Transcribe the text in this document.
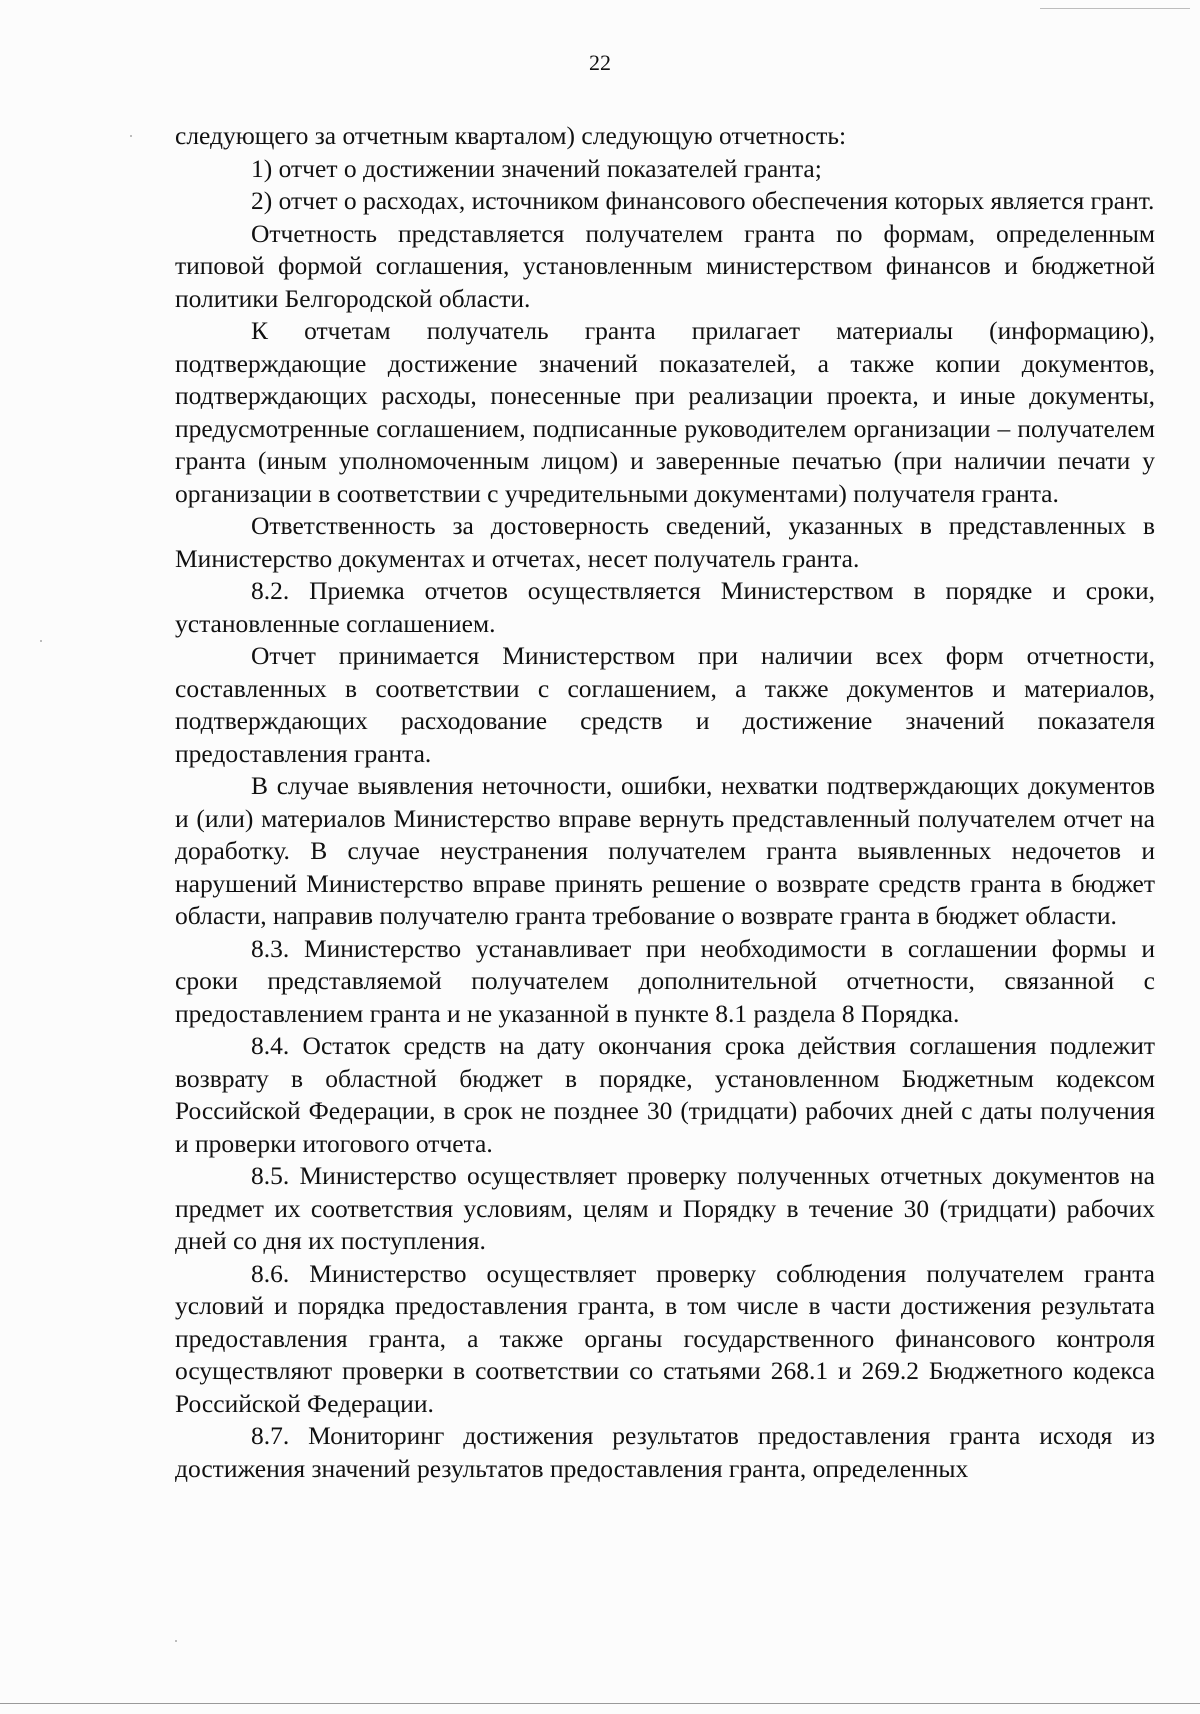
22

следующего за отчетным кварталом) следующую отчетность:

1) отчет о достижении значений показателей гранта;

2) отчет о расходах, источником финансового обеспечения которых является грант.

Отчетность представляется получателем гранта по формам, определенным типовой формой соглашения, установленным министерством финансов и бюджетной политики Белгородской области.

К отчетам получатель гранта прилагает материалы (информацию), подтверждающие достижение значений показателей, а также копии документов, подтверждающих расходы, понесенные при реализации проекта, и иные документы, предусмотренные соглашением, подписанные руководителем организации – получателем гранта (иным уполномоченным лицом) и заверенные печатью (при наличии печати у организации в соответствии с учредительными документами) получателя гранта.

Ответственность за достоверность сведений, указанных в представленных в Министерство документах и отчетах, несет получатель гранта.

8.2. Приемка отчетов осуществляется Министерством в порядке и сроки, установленные соглашением.

Отчет принимается Министерством при наличии всех форм отчетности, составленных в соответствии с соглашением, а также документов и материалов, подтверждающих расходование средств и достижение значений показателя предоставления гранта.

В случае выявления неточности, ошибки, нехватки подтверждающих документов и (или) материалов Министерство вправе вернуть представленный получателем отчет на доработку. В случае неустранения получателем гранта выявленных недочетов и нарушений Министерство вправе принять решение о возврате средств гранта в бюджет области, направив получателю гранта требование о возврате гранта в бюджет области.

8.3. Министерство устанавливает при необходимости в соглашении формы и сроки представляемой получателем дополнительной отчетности, связанной с предоставлением гранта и не указанной в пункте 8.1 раздела 8 Порядка.

8.4. Остаток средств на дату окончания срока действия соглашения подлежит возврату в областной бюджет в порядке, установленном Бюджетным кодексом Российской Федерации, в срок не позднее 30 (тридцати) рабочих дней с даты получения и проверки итогового отчета.

8.5. Министерство осуществляет проверку полученных отчетных документов на предмет их соответствия условиям, целям и Порядку в течение 30 (тридцати) рабочих дней со дня их поступления.

8.6. Министерство осуществляет проверку соблюдения получателем гранта условий и порядка предоставления гранта, в том числе в части достижения результата предоставления гранта, а также органы государственного финансового контроля осуществляют проверки в соответствии со статьями 268.1 и 269.2 Бюджетного кодекса Российской Федерации.

8.7. Мониторинг достижения результатов предоставления гранта исходя из достижения значений результатов предоставления гранта, определенных
